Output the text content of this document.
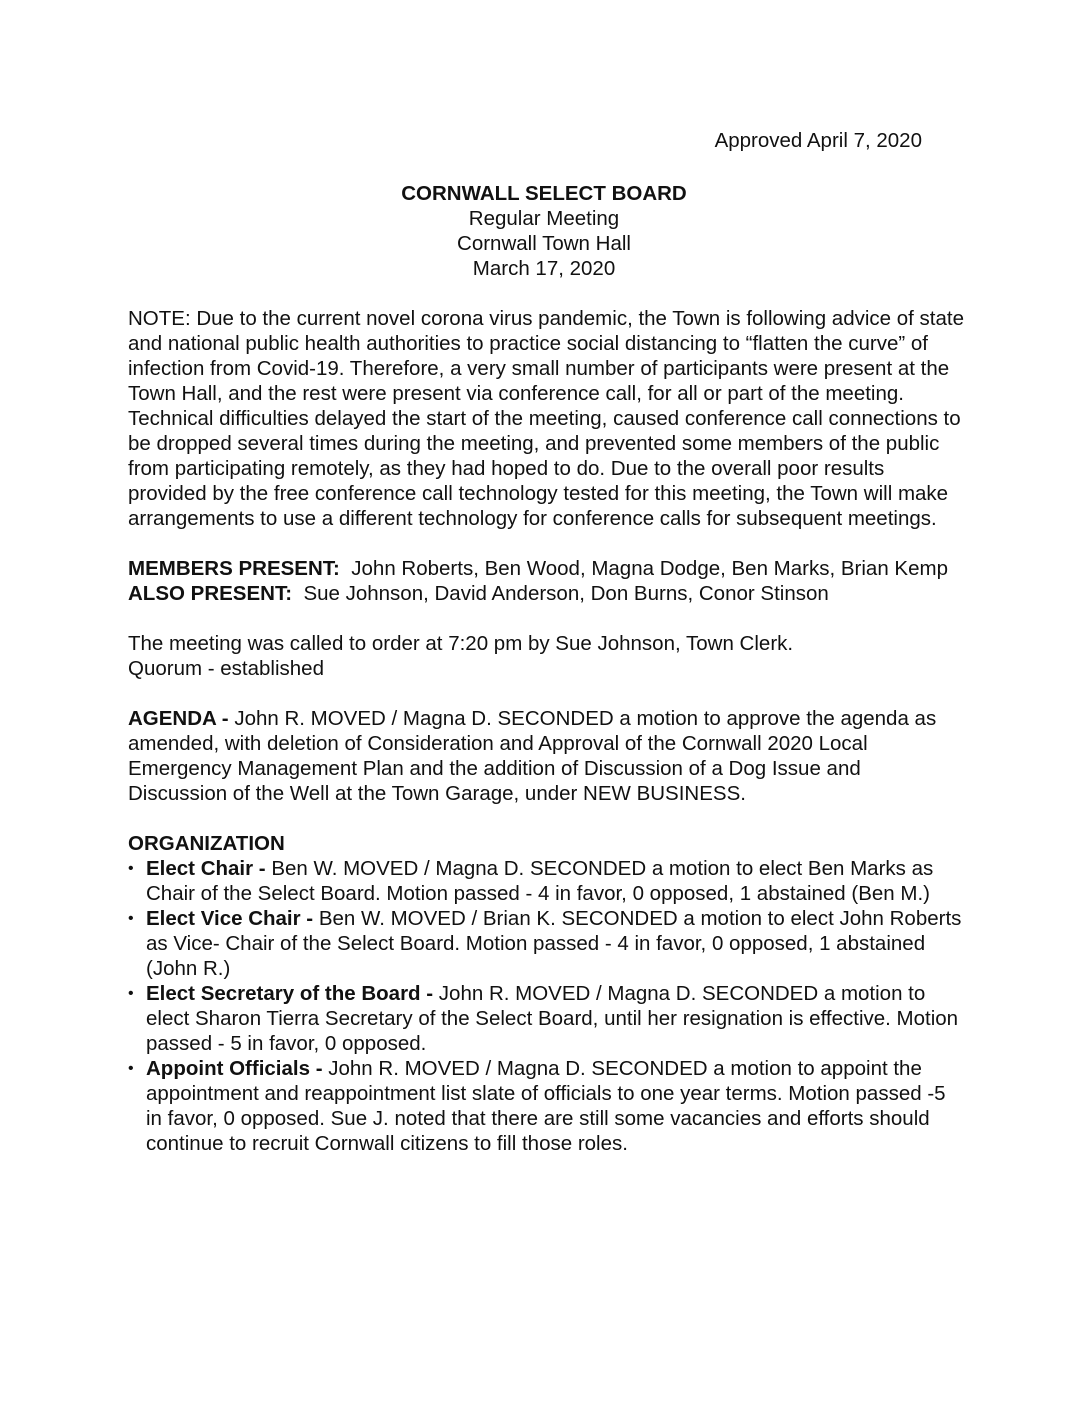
Approved April 7, 2020
CORNWALL SELECT BOARD
Regular Meeting
Cornwall Town Hall
March 17, 2020

NOTE: Due to the current novel corona virus pandemic, the Town is following advice of state and national public health authorities to practice social distancing to “flatten the curve” of infection from Covid-19. Therefore, a very small number of participants were present at the Town Hall, and the rest were present via conference call, for all or part of the meeting. Technical difficulties delayed the start of the meeting, caused conference call connections to be dropped several times during the meeting, and prevented some members of the public from participating remotely, as they had hoped to do. Due to the overall poor results provided by the free conference call technology tested for this meeting, the Town will make arrangements to use a different technology for conference calls for subsequent meetings.

MEMBERS PRESENT: John Roberts, Ben Wood, Magna Dodge, Ben Marks, Brian Kemp

ALSO PRESENT: Sue Johnson, David Anderson, Don Burns, Conor Stinson

The meeting was called to order at 7:20 pm by Sue Johnson, Town Clerk.

Quorum - established

AGENDA - John R. MOVED / Magna D. SECONDED a motion to approve the agenda as amended, with deletion of Consideration and Approval of the Cornwall 2020 Local Emergency Management Plan and the addition of Discussion of a Dog Issue and Discussion of the Well at the Town Garage, under NEW BUSINESS.

ORGANIZATION

• Elect Chair - Ben W. MOVED / Magna D. SECONDED a motion to elect Ben Marks as Chair of the Select Board. Motion passed - 4 in favor, 0 opposed, 1 abstained (Ben M.)
• Elect Vice Chair - Ben W. MOVED / Brian K. SECONDED a motion to elect John Roberts as Vice- Chair of the Select Board. Motion passed - 4 in favor, 0 opposed, 1 abstained (John R.)
• Elect Secretary of the Board - John R. MOVED / Magna D. SECONDED a motion to elect Sharon Tierra Secretary of the Select Board, until her resignation is effective. Motion passed - 5 in favor, 0 opposed.
• Appoint Officials - John R. MOVED / Magna D. SECONDED a motion to appoint the appointment and reappointment list slate of officials to one year terms. Motion passed -5 in favor, 0 opposed. Sue J. noted that there are still some vacancies and efforts should continue to recruit Cornwall citizens to fill those roles.
